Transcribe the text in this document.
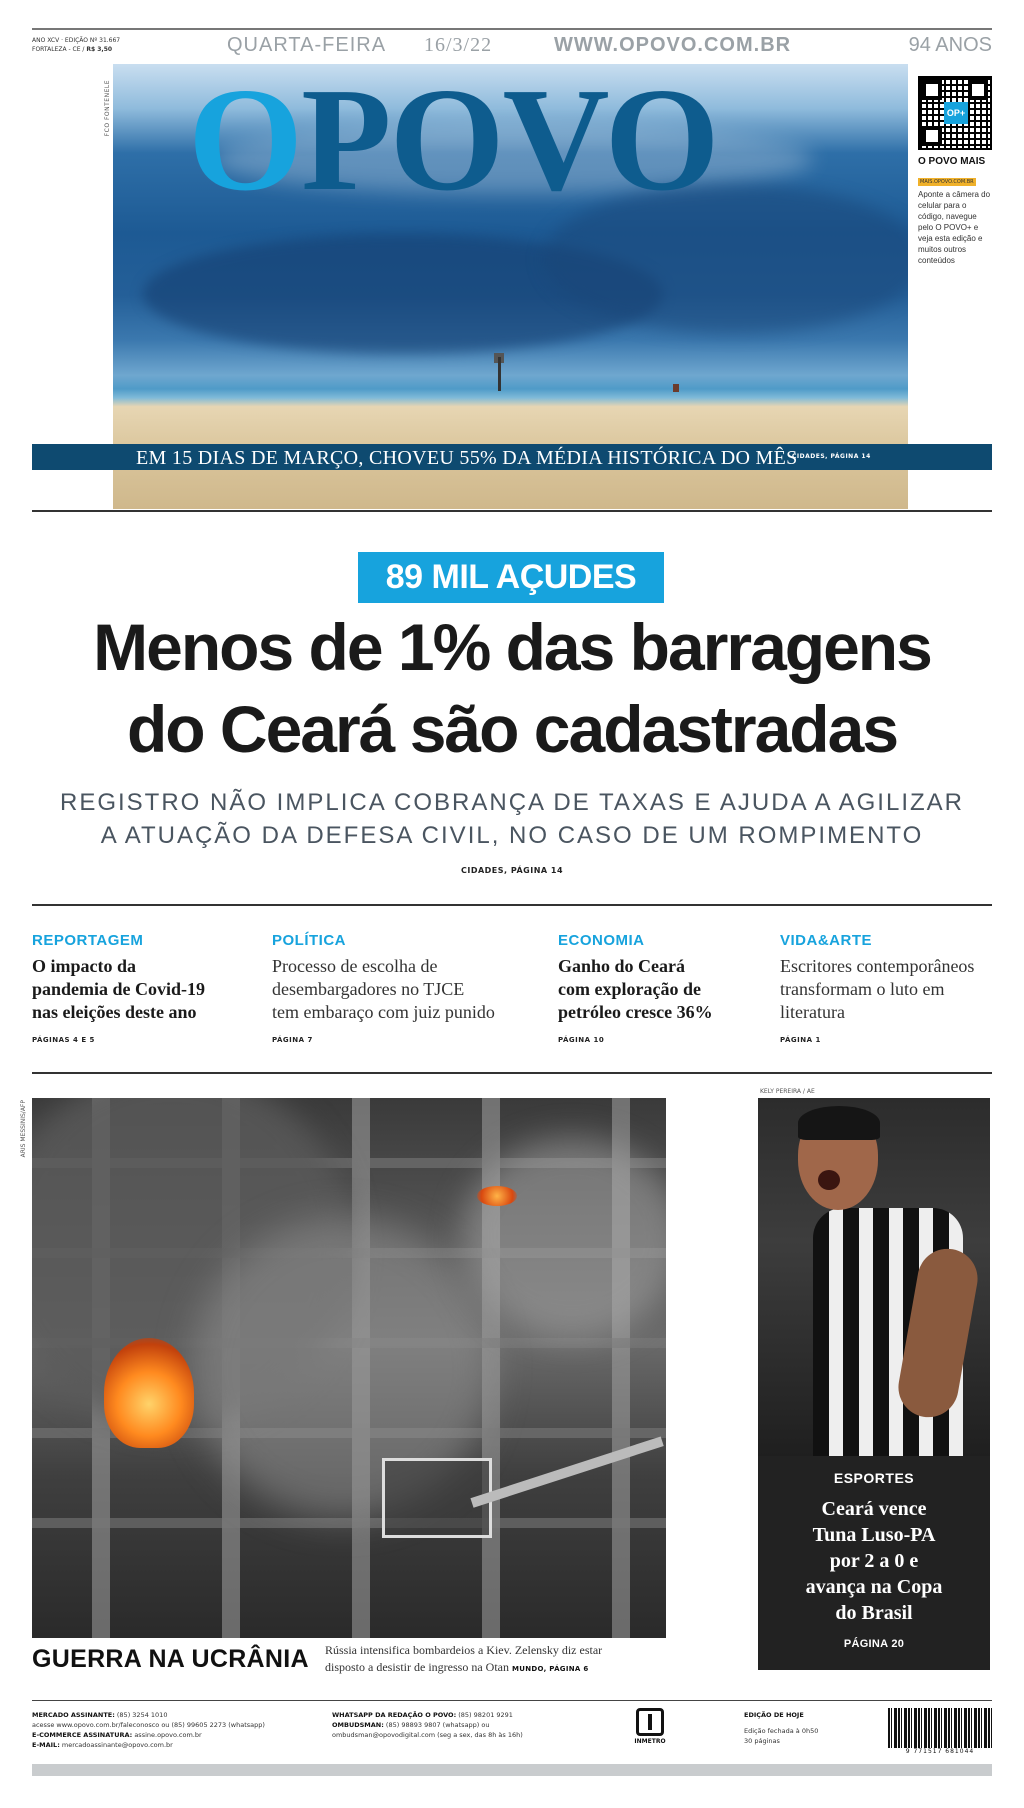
ANO XCV · EDIÇÃO Nº 31.667
FORTALEZA - CE / R$ 3,50	QUARTA-FEIRA 16/3/22	WWW.OPOVO.COM.BR	94 ANOS
FCO FONTENELE OPOVO	OP+
O POVO MAIS
MAIS.OPOVO.COM.BR
Aponte a câmera do celular para o código, navegue pelo O POVO+ e veja esta edição e muitos outros conteúdos
EM 15 DIAS DE MARÇO, CHOVEU 55% DA MÉDIA HISTÓRICA DO MÊS
CIDADES, PÁGINA 14
89 MIL AÇUDES
Menos de 1% das barragens
do Ceará são cadastradas
REGISTRO NÃO IMPLICA COBRANÇA DE TAXAS E AJUDA A AGILIZAR
A ATUAÇÃO DA DEFESA CIVIL, NO CASO DE UM ROMPIMENTO
CIDADES, PÁGINA 14
REPORTAGEM
O impacto da
pandemia de Covid-19
nas eleições deste ano
PÁGINAS 4 E 5
POLÍTICA
Processo de escolha de
desembargadores no TJCE
tem embaraço com juiz punido
PÁGINA 7
ECONOMIA
Ganho do Ceará
com exploração de
petróleo cresce 36%
PÁGINA 10
VIDA&ARTE
Escritores contemporâneos
transformam o luto em
literatura
PÁGINA 1
ARIS MESSINIS/AFP
GUERRA NA UCRÂNIA Rússia intensifica bombardeios a Kiev. Zelensky diz estar
disposto a desistir de ingresso na Otan MUNDO, PÁGINA 6
KELY PEREIRA / AE
ESPORTES
Ceará vence
Tuna Luso-PA
por 2 a 0 e
avança na Copa
do Brasil
PÁGINA 20
MERCADO ASSINANTE: (85) 3254 1010
acesse www.opovo.com.br/faleconosco ou (85) 99605 2273 (whatsapp)
E-COMMERCE ASSINATURA: assine.opovo.com.br
E-MAIL: mercadoassinante@opovo.com.br
WHATSAPP DA REDAÇÃO O POVO: (85) 98201 9291
OMBUDSMAN: (85) 98893 9807 (whatsapp) ou
ombudsman@opovodigital.com (seg a sex, das 8h às 16h)
INMETRO
EDIÇÃO DE HOJE
Edição fechada à 0h50
30 páginas
9 771517 681044
